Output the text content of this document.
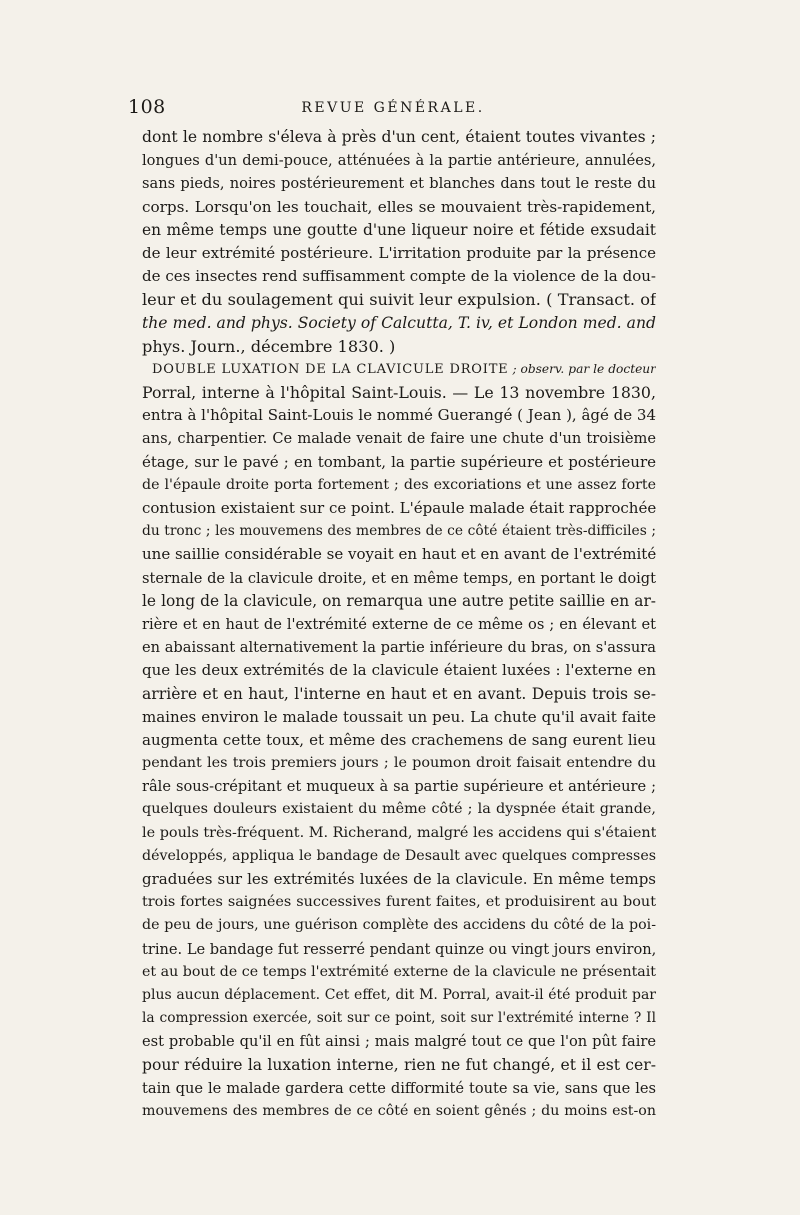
108	REVUE GÉNÉRALE.
dont le nombre s'éleva à près d'un cent, étaient toutes vivantes ;
longues d'un demi-pouce, atténuées à la partie antérieure, annulées,
sans pieds, noires postérieurement et blanches dans tout le reste du
corps. Lorsqu'on les touchait, elles se mouvaient très-rapidement,
en même temps une goutte d'une liqueur noire et fétide exsudait
de leur extrémité postérieure. L'irritation produite par la présence
de ces insectes rend suffisamment compte de la violence de la dou-
leur et du soulagement qui suivit leur expulsion. ( Transact. of
the med. and phys. Society of Calcutta, T. iv, et London med. and
phys. Journ., décembre 1830. )
DOUBLE LUXATION DE LA CLAVICULE DROITE ; observ. par le docteur
Porral, interne à l'hôpital Saint-Louis. — Le 13 novembre 1830,
entra à l'hôpital Saint-Louis le nommé Guerangé ( Jean ), âgé de 34
ans, charpentier. Ce malade venait de faire une chute d'un troisième
étage, sur le pavé ; en tombant, la partie supérieure et postérieure
de l'épaule droite porta fortement ; des excoriations et une assez forte
contusion existaient sur ce point. L'épaule malade était rapprochée
du tronc ; les mouvemens des membres de ce côté étaient très-difficiles ;
une saillie considérable se voyait en haut et en avant de l'extrémité
sternale de la clavicule droite, et en même temps, en portant le doigt
le long de la clavicule, on remarqua une autre petite saillie en ar-
rière et en haut de l'extrémité externe de ce même os ; en élevant et
en abaissant alternativement la partie inférieure du bras, on s'assura
que les deux extrémités de la clavicule étaient luxées : l'externe en
arrière et en haut, l'interne en haut et en avant. Depuis trois se-
maines environ le malade toussait un peu. La chute qu'il avait faite
augmenta cette toux, et même des crachemens de sang eurent lieu
pendant les trois premiers jours ; le poumon droit faisait entendre du
râle sous-crépitant et muqueux à sa partie supérieure et antérieure ;
quelques douleurs existaient du même côté ; la dyspnée était grande,
le pouls très-fréquent. M. Richerand, malgré les accidens qui s'étaient
développés, appliqua le bandage de Desault avec quelques compresses
graduées sur les extrémités luxées de la clavicule. En même temps
trois fortes saignées successives furent faites, et produisirent au bout
de peu de jours, une guérison complète des accidens du côté de la poi-
trine. Le bandage fut resserré pendant quinze ou vingt jours environ,
et au bout de ce temps l'extrémité externe de la clavicule ne présentait
plus aucun déplacement. Cet effet, dit M. Porral, avait-il été produit par
la compression exercée, soit sur ce point, soit sur l'extrémité interne ? Il
est probable qu'il en fût ainsi ; mais malgré tout ce que l'on pût faire
pour réduire la luxation interne, rien ne fut changé, et il est cer-
tain que le malade gardera cette difformité toute sa vie, sans que les
mouvemens des membres de ce côté en soient gênés ; du moins est-on
